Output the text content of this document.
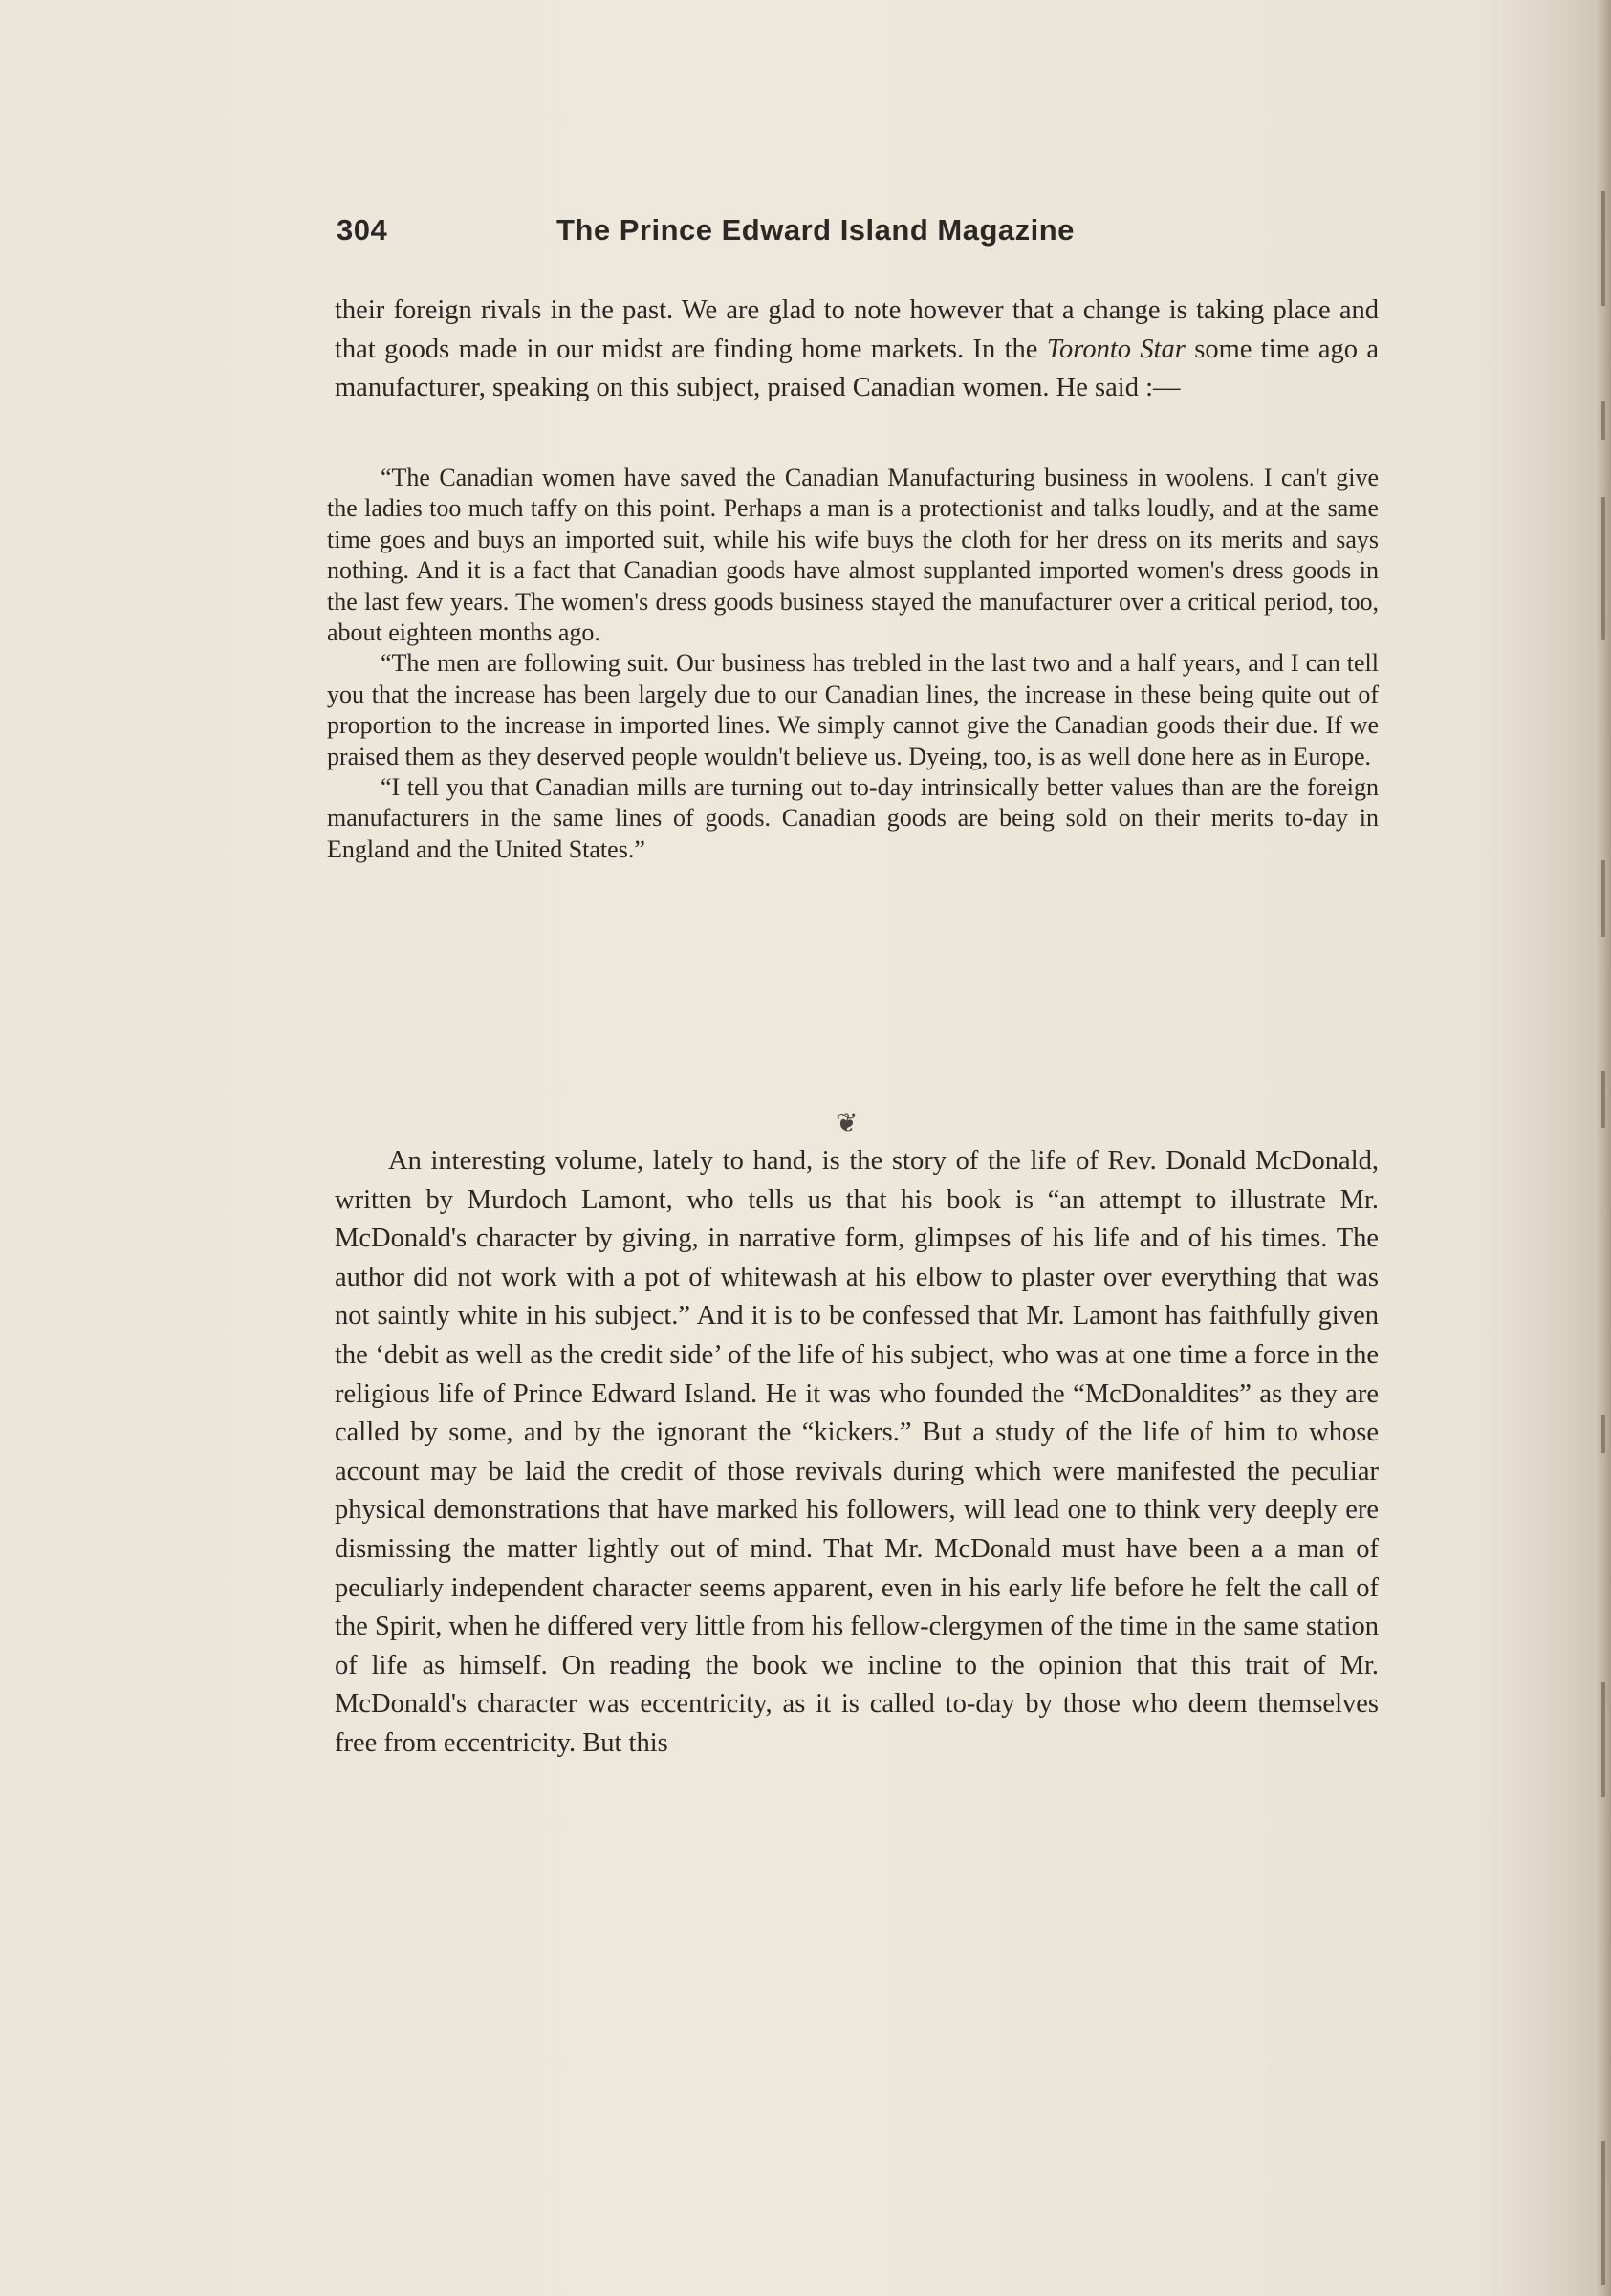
304	The Prince Edward Island Magazine

their foreign rivals in the past. We are glad to note however that a change is taking place and that goods made in our midst are finding home markets. In the Toronto Star some time ago a manufacturer, speaking on this subject, praised Canadian women. He said :—

“The Canadian women have saved the Canadian Manufacturing business in woolens. I can't give the ladies too much taffy on this point. Perhaps a man is a protectionist and talks loudly, and at the same time goes and buys an imported suit, while his wife buys the cloth for her dress on its merits and says nothing. And it is a fact that Canadian goods have almost supplanted imported women's dress goods in the last few years. The women's dress goods business stayed the manufacturer over a critical period, too, about eighteen months ago.

“The men are following suit. Our business has trebled in the last two and a half years, and I can tell you that the increase has been largely due to our Canadian lines, the increase in these being quite out of proportion to the increase in imported lines. We simply cannot give the Canadian goods their due. If we praised them as they deserved people wouldn't believe us. Dyeing, too, is as well done here as in Europe.

“I tell you that Canadian mills are turning out to-day intrinsically better values than are the foreign manufacturers in the same lines of goods. Canadian goods are being sold on their merits to-day in England and the United States.”

❦

An interesting volume, lately to hand, is the story of the life of Rev. Donald McDonald, written by Murdoch Lamont, who tells us that his book is “an attempt to illustrate Mr. McDonald's character by giving, in narrative form, glimpses of his life and of his times. The author did not work with a pot of whitewash at his elbow to plaster over everything that was not saintly white in his subject.” And it is to be confessed that Mr. Lamont has faithfully given the ‘debit as well as the credit side’ of the life of his subject, who was at one time a force in the religious life of Prince Edward Island. He it was who founded the “McDonaldites” as they are called by some, and by the ignorant the “kickers.” But a study of the life of him to whose account may be laid the credit of those revivals during which were manifested the peculiar physical demonstrations that have marked his followers, will lead one to think very deeply ere dismissing the matter lightly out of mind. That Mr. McDonald must have been a a man of peculiarly independent character seems apparent, even in his early life before he felt the call of the Spirit, when he differed very little from his fellow-clergymen of the time in the same station of life as himself. On reading the book we incline to the opinion that this trait of Mr. McDonald's character was eccentricity, as it is called to-day by those who deem themselves free from eccentricity. But this
